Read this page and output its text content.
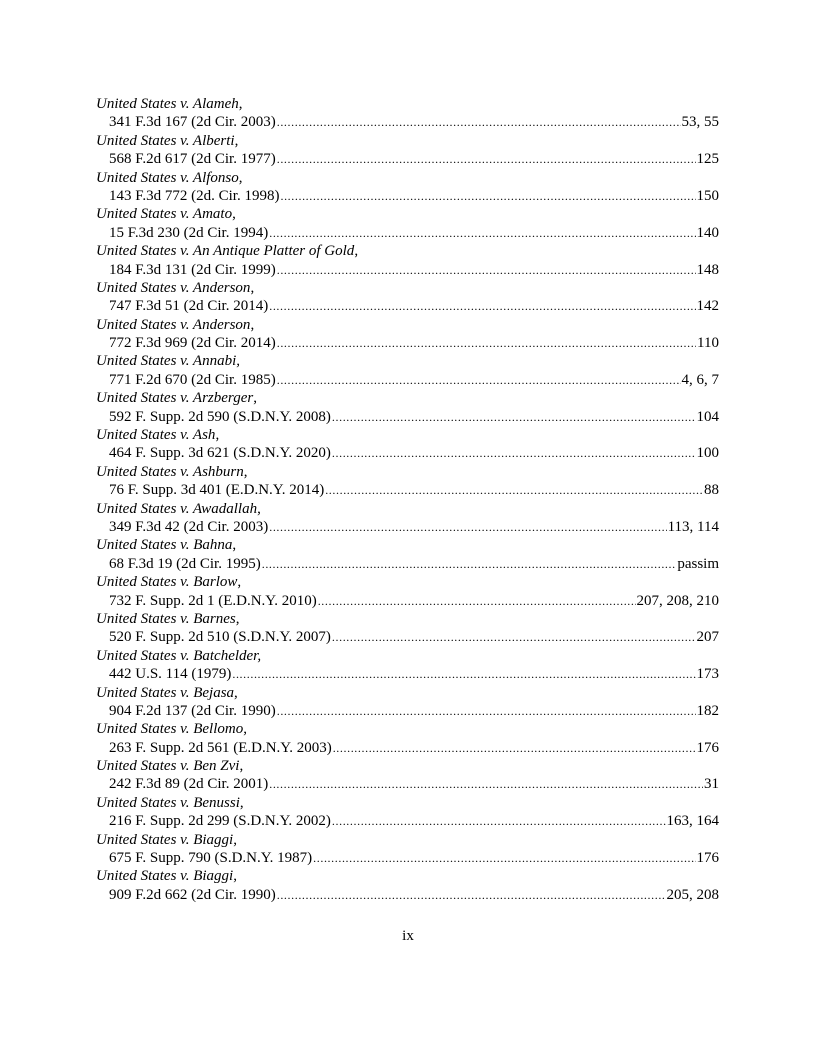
United States v. Alameh,
341 F.3d 167 (2d Cir. 2003) .....	53, 55
United States v. Alberti,
568 F.2d 617 (2d Cir. 1977) .....	125
United States v. Alfonso,
143 F.3d 772 (2d. Cir. 1998) .....	150
United States v. Amato,
15 F.3d 230 (2d Cir. 1994) .....	140
United States v. An Antique Platter of Gold,
184 F.3d 131 (2d Cir. 1999) .....	148
United States v. Anderson,
747 F.3d 51 (2d Cir. 2014) .....	142
United States v. Anderson,
772 F.3d 969 (2d Cir. 2014) .....	110
United States v. Annabi,
771 F.2d 670 (2d Cir. 1985) .....	4, 6, 7
United States v. Arzberger,
592 F. Supp. 2d 590 (S.D.N.Y. 2008) .....	104
United States v. Ash,
464 F. Supp. 3d 621 (S.D.N.Y. 2020) .....	100
United States v. Ashburn,
76 F. Supp. 3d 401 (E.D.N.Y. 2014) .....	88
United States v. Awadallah,
349 F.3d 42 (2d Cir. 2003) .....	113, 114
United States v. Bahna,
68 F.3d 19 (2d Cir. 1995) .....	passim
United States v. Barlow,
732 F. Supp. 2d 1 (E.D.N.Y. 2010) .....	207, 208, 210
United States v. Barnes,
520 F. Supp. 2d 510 (S.D.N.Y. 2007) .....	207
United States v. Batchelder,
442 U.S. 114 (1979) .....	173
United States v. Bejasa,
904 F.2d 137 (2d Cir. 1990) .....	182
United States v. Bellomo,
263 F. Supp. 2d 561 (E.D.N.Y. 2003) .....	176
United States v. Ben Zvi,
242 F.3d 89 (2d Cir. 2001) .....	31
United States v. Benussi,
216 F. Supp. 2d 299 (S.D.N.Y. 2002) .....	163, 164
United States v. Biaggi,
675 F. Supp. 790 (S.D.N.Y. 1987) .....	176
United States v. Biaggi,
909 F.2d 662 (2d Cir. 1990) .....	205, 208
ix
